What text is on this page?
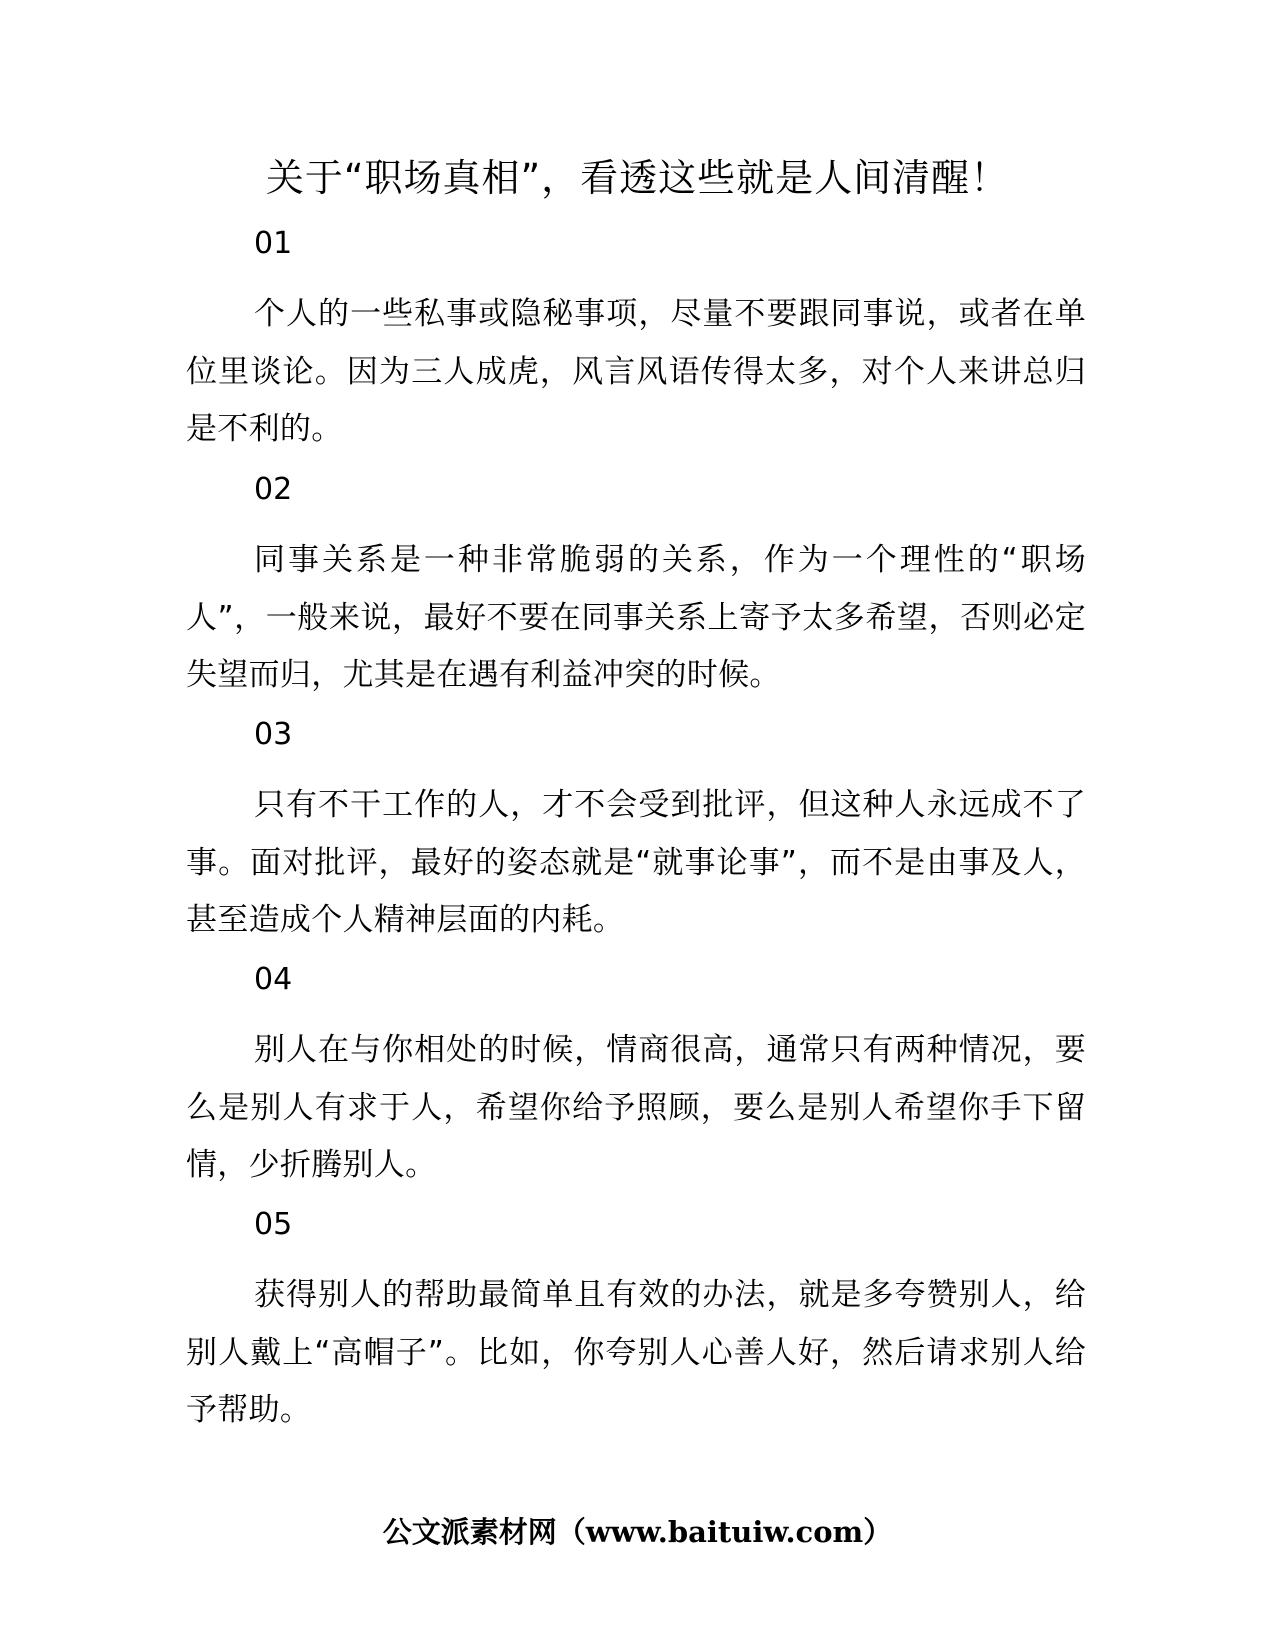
关于“职场真相”，看透这些就是人间清醒！

01

个人的一些私事或隐秘事项，尽量不要跟同事说，或者在单位里谈论。因为三人成虎，风言风语传得太多，对个人来讲总归是不利的。

02

同事关系是一种非常脆弱的关系，作为一个理性的“职场人”，一般来说，最好不要在同事关系上寄予太多希望，否则必定失望而归，尤其是在遇有利益冲突的时候。

03

只有不干工作的人，才不会受到批评，但这种人永远成不了事。面对批评，最好的姿态就是“就事论事”，而不是由事及人，甚至造成个人精神层面的内耗。

04

别人在与你相处的时候，情商很高，通常只有两种情况，要么是别人有求于人，希望你给予照顾，要么是别人希望你手下留情，少折腾别人。

05

获得别人的帮助最简单且有效的办法，就是多夸赞别人，给别人戴上“高帽子”。比如，你夸别人心善人好，然后请求别人给予帮助。

公文派素材网（www.baituiw.com）
